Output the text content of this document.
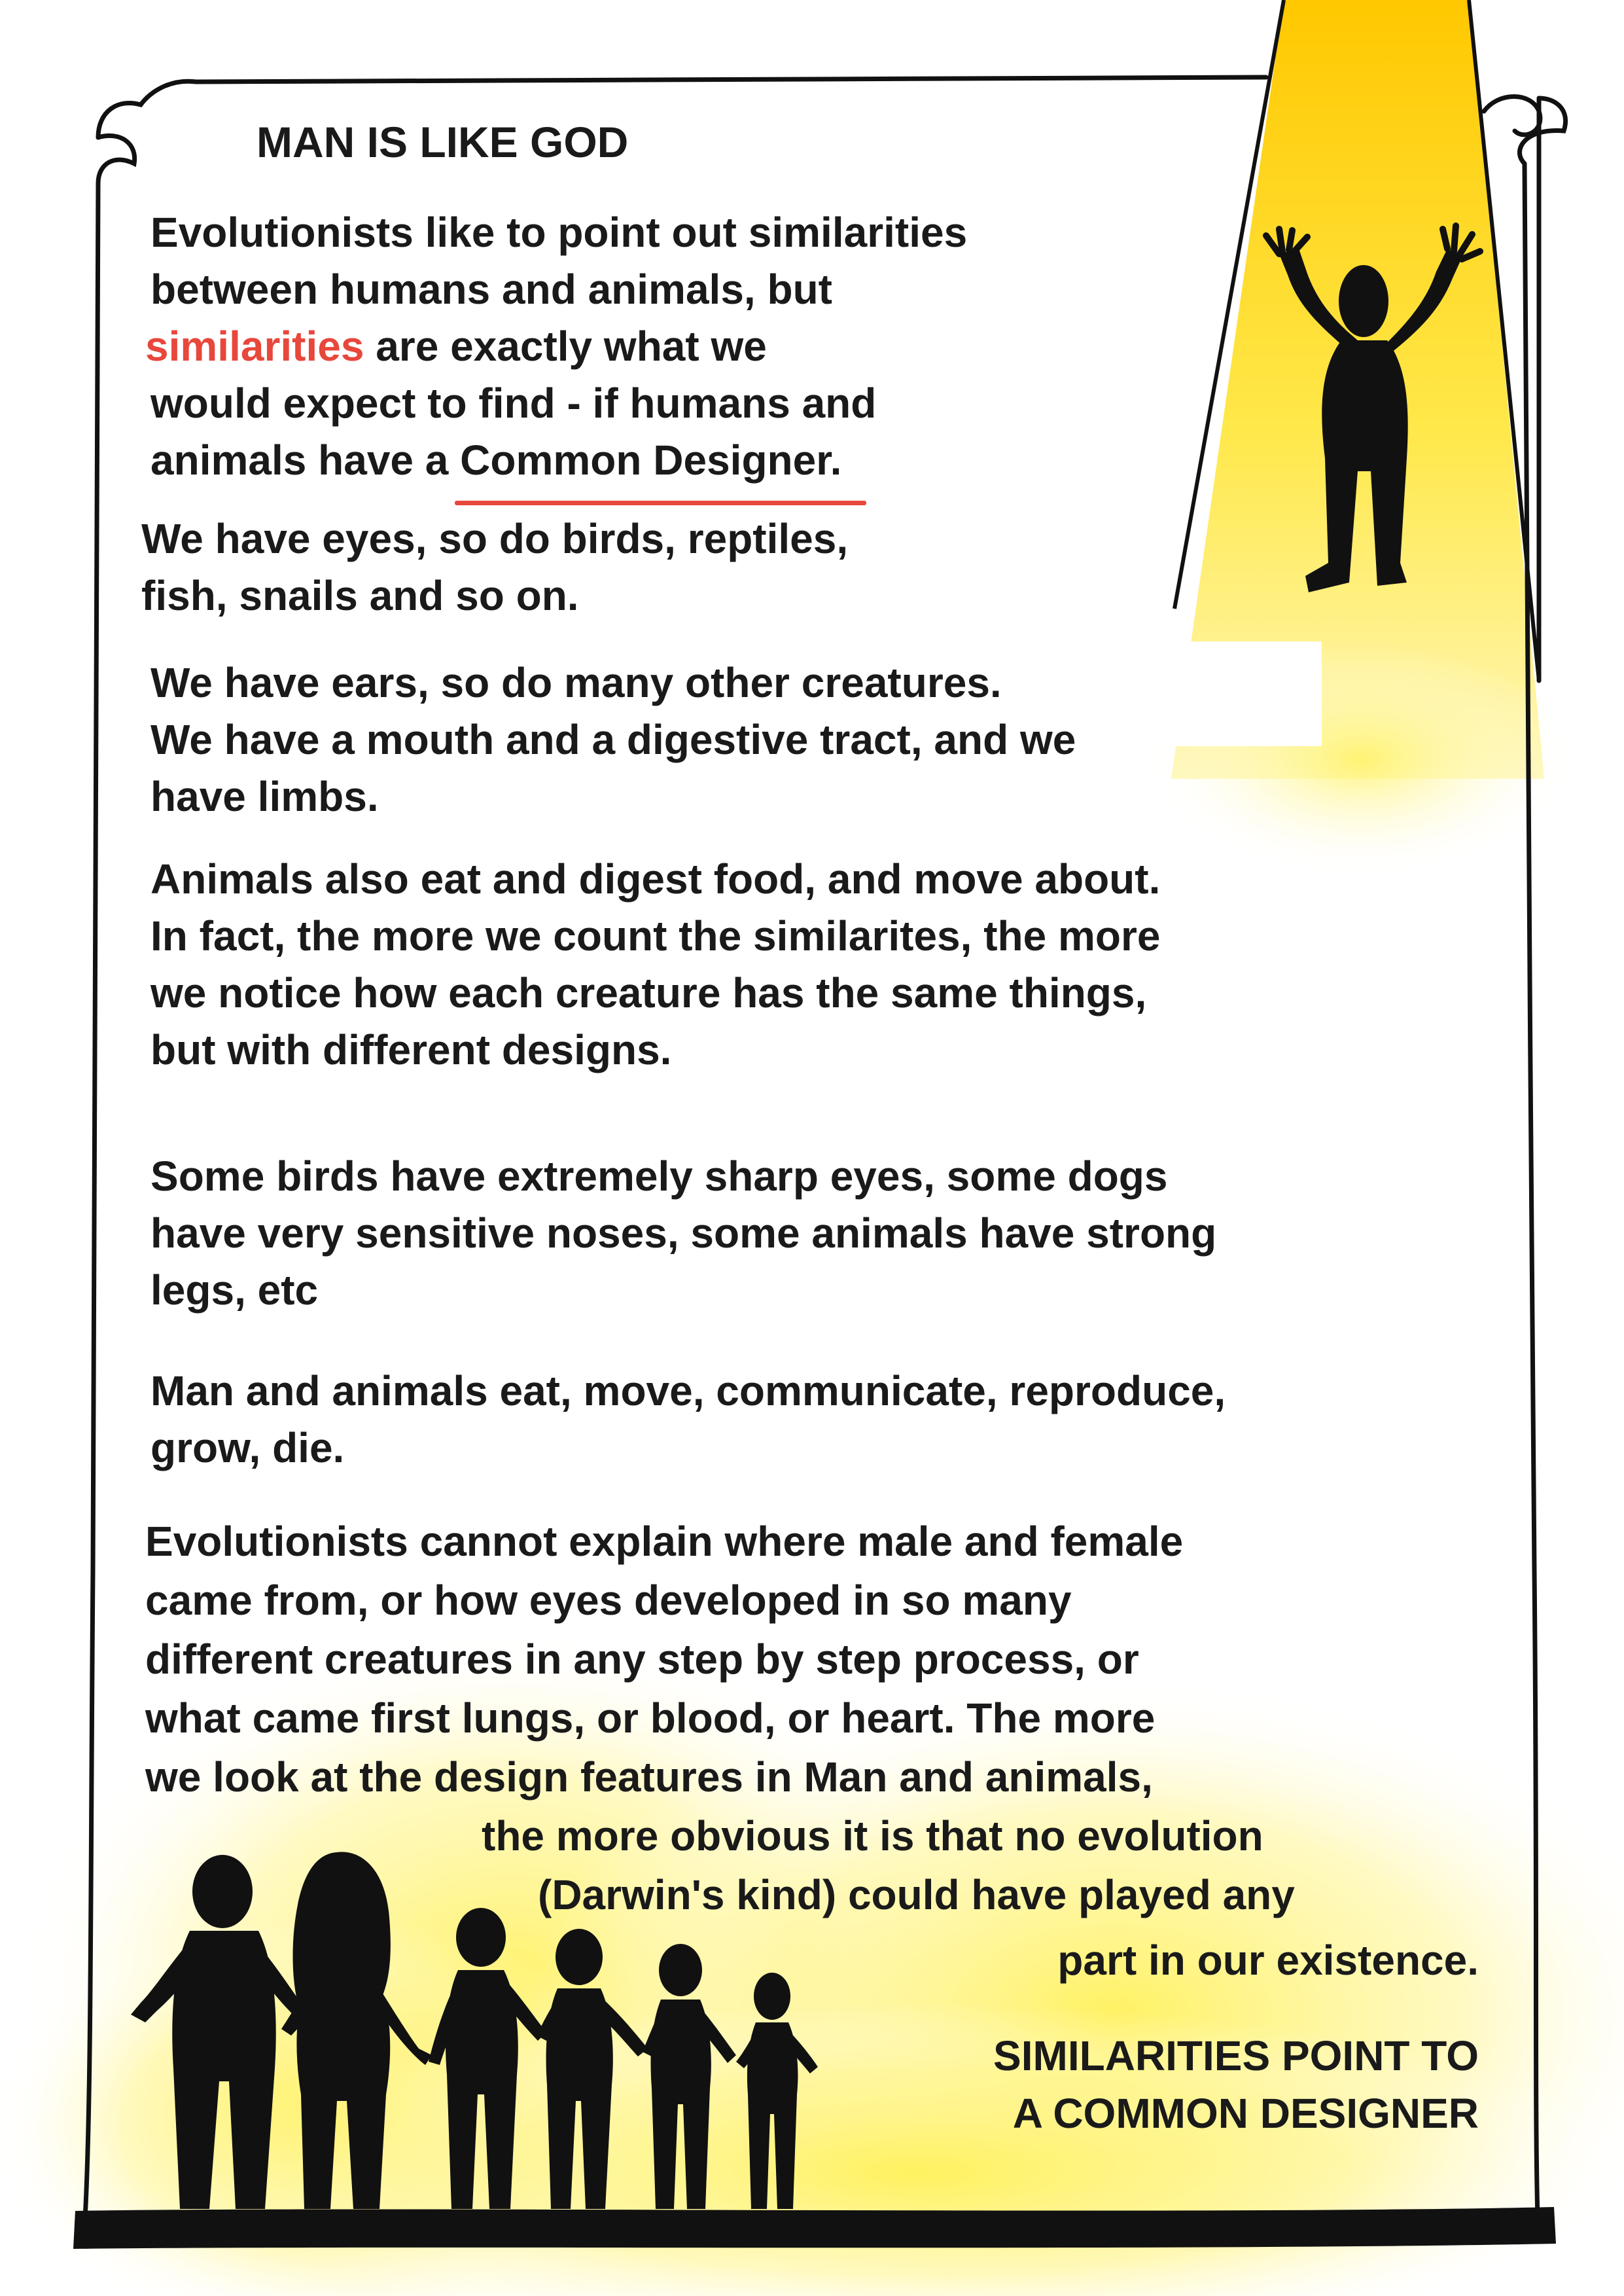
MAN IS LIKE GOD
Evolutionists like to point out similarities
between humans and animals, but
similarities are exactly what we
would expect to find - if humans and
animals have a Common Designer.
We have eyes, so do birds, reptiles,
fish, snails and so on.
We have ears, so do many other creatures.
We have a mouth and a digestive tract, and we
have limbs.
Animals also eat and digest food, and move about.
In fact, the more we count the similarites, the more
we notice how each creature has the same things,
but with different designs.
Some birds have extremely sharp eyes, some dogs
have very sensitive noses, some animals have strong
legs, etc
Man and animals eat, move, communicate, reproduce,
grow, die.
Evolutionists cannot explain where male and female
came from, or how eyes developed in so many
different creatures in any step by step process, or
what came first lungs, or blood, or heart. The more
we look at the design features in Man and animals,
the more obvious it is that no evolution
(Darwin's kind) could have played any
part in our existence.
SIMILARITIES POINT TO
A COMMON DESIGNER
